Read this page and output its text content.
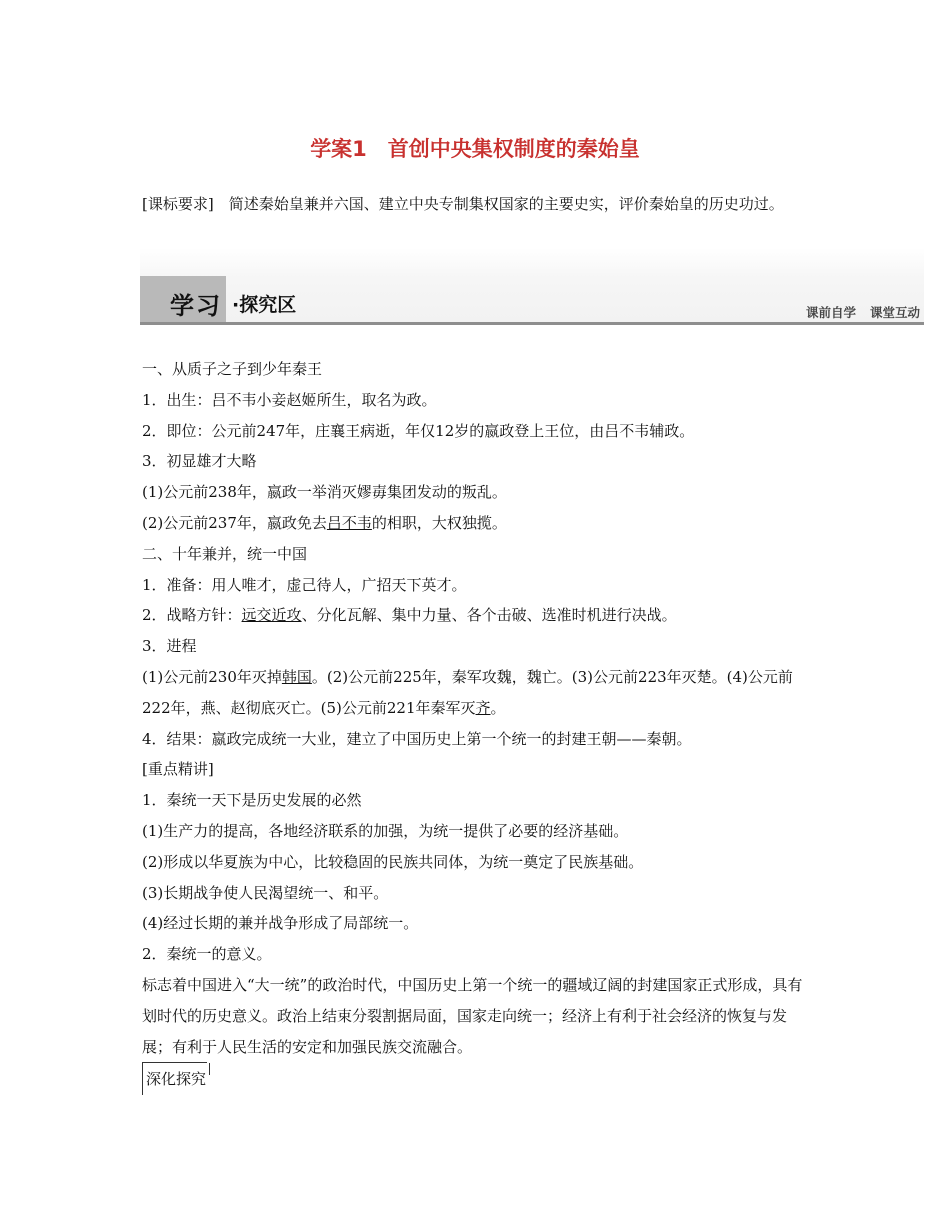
学案1　首创中央集权制度的秦始皇
[课标要求]　简述秦始皇兼并六国、建立中央专制集权国家的主要史实，评价秦始皇的历史功过。
学习 ·探究区	课前自学 课堂互动
一、从质子之子到少年秦王
1．出生：吕不韦小妾赵姬所生，取名为政。
2．即位：公元前247年，庄襄王病逝，年仅12岁的嬴政登上王位，由吕不韦辅政。
3．初显雄才大略
(1)公元前238年，嬴政一举消灭嫪毐集团发动的叛乱。
(2)公元前237年，嬴政免去吕不韦的相职，大权独揽。
二、十年兼并，统一中国
1．准备：用人唯才，虚己待人，广招天下英才。
2．战略方针：远交近攻、分化瓦解、集中力量、各个击破、选准时机进行决战。
3．进程
(1)公元前230年灭掉韩国。(2)公元前225年，秦军攻魏，魏亡。(3)公元前223年灭楚。(4)公元前222年，燕、赵彻底灭亡。(5)公元前221年秦军灭齐。
4．结果：嬴政完成统一大业，建立了中国历史上第一个统一的封建王朝——秦朝。
[重点精讲]
1．秦统一天下是历史发展的必然
(1)生产力的提高，各地经济联系的加强，为统一提供了必要的经济基础。
(2)形成以华夏族为中心，比较稳固的民族共同体，为统一奠定了民族基础。
(3)长期战争使人民渴望统一、和平。
(4)经过长期的兼并战争形成了局部统一。
2．秦统一的意义。
标志着中国进入“大一统”的政治时代，中国历史上第一个统一的疆域辽阔的封建国家正式形成，具有划时代的历史意义。政治上结束分裂割据局面，国家走向统一；经济上有利于社会经济的恢复与发展；有利于人民生活的安定和加强民族交流融合。
深化探究
